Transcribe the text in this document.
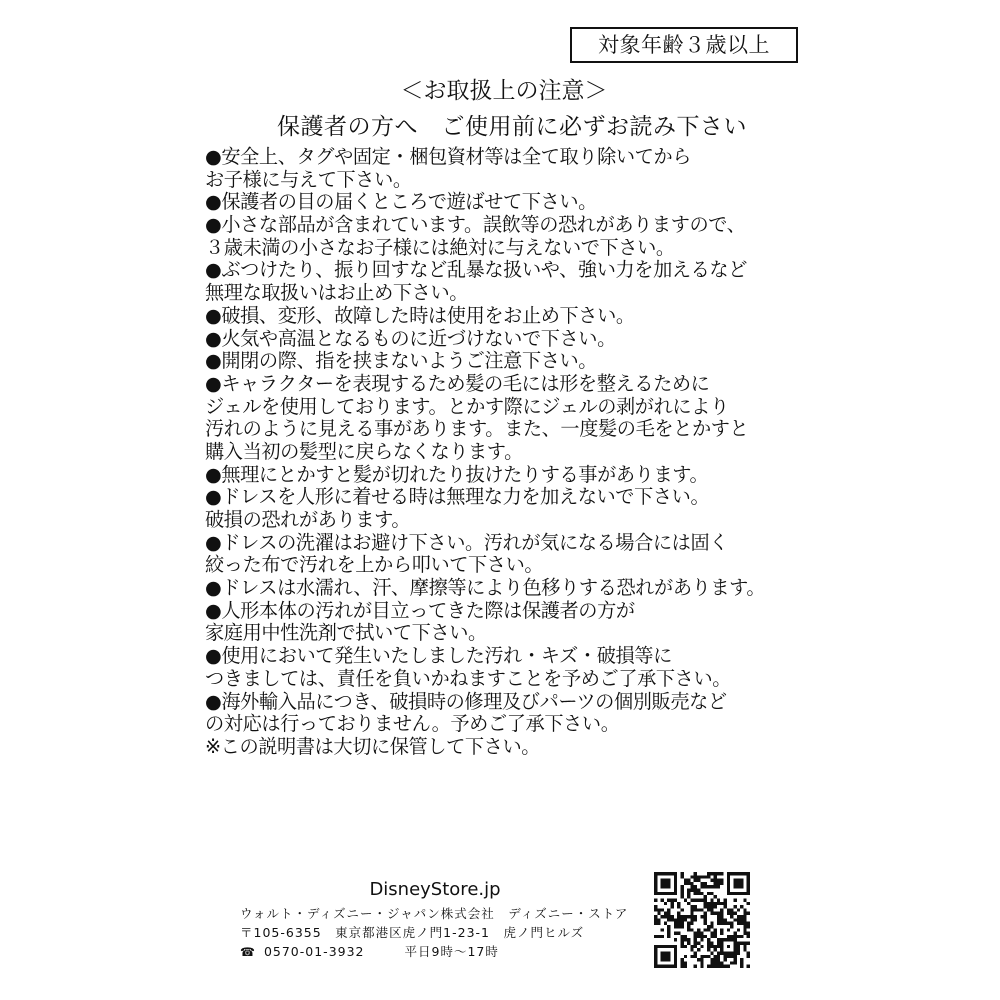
対象年齢３歳以上
＜お取扱上の注意＞
保護者の方へ　ご使用前に必ずお読み下さい
●安全上、タグや固定・梱包資材等は全て取り除いてから
お子様に与えて下さい。
●保護者の目の届くところで遊ばせて下さい。
●小さな部品が含まれています。誤飲等の恐れがありますので、
３歳未満の小さなお子様には絶対に与えないで下さい。
●ぶつけたり、振り回すなど乱暴な扱いや、強い力を加えるなど
無理な取扱いはお止め下さい。
●破損、変形、故障した時は使用をお止め下さい。
●火気や高温となるものに近づけないで下さい。
●開閉の際、指を挟まないようご注意下さい。
●キャラクターを表現するため髪の毛には形を整えるために
ジェルを使用しております。とかす際にジェルの剥がれにより
汚れのように見える事があります。また、一度髪の毛をとかすと
購入当初の髪型に戻らなくなります。
●無理にとかすと髪が切れたり抜けたりする事があります。
●ドレスを人形に着せる時は無理な力を加えないで下さい。
破損の恐れがあります。
●ドレスの洗濯はお避け下さい。汚れが気になる場合には固く
絞った布で汚れを上から叩いて下さい。
●ドレスは水濡れ、汗、摩擦等により色移りする恐れがあります。
●人形本体の汚れが目立ってきた際は保護者の方が
家庭用中性洗剤で拭いて下さい。
●使用において発生いたしました汚れ・キズ・破損等に
つきましては、責任を負いかねますことを予めご了承下さい。
●海外輸入品につき、破損時の修理及びパーツの個別販売など
の対応は行っておりません。予めご了承下さい。
※この説明書は大切に保管して下さい。
DisneyStore.jp
ウォルト・ディズニー・ジャパン株式会社　ディズニー・ストア
〒105-6355　東京都港区虎ノ門1-23-1　虎ノ門ヒルズ
☎ 0570-01-3932	平日9時～17時
